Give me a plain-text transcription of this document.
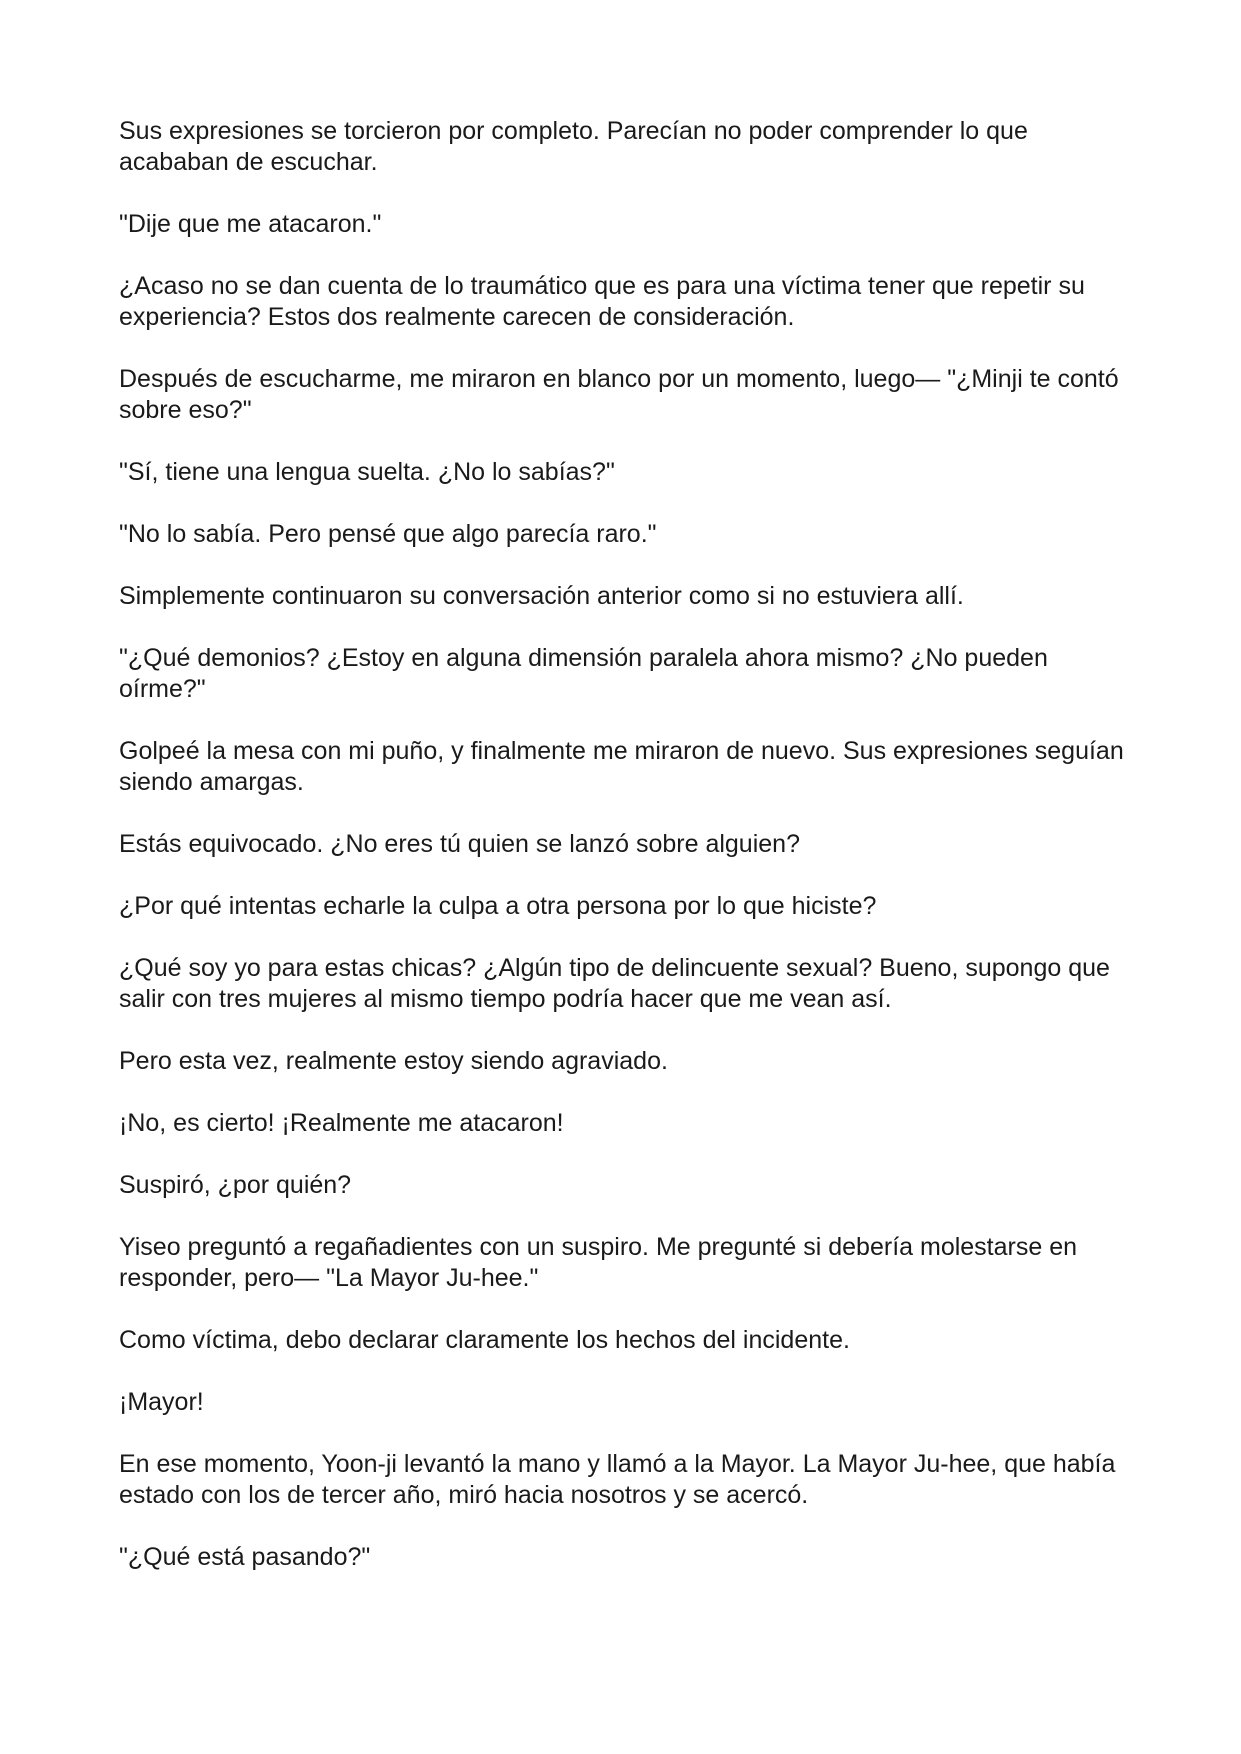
Sus expresiones se torcieron por completo. Parecían no poder comprender lo que acababan de escuchar.

"Dije que me atacaron."

¿Acaso no se dan cuenta de lo traumático que es para una víctima tener que repetir su experiencia? Estos dos realmente carecen de consideración.

Después de escucharme, me miraron en blanco por un momento, luego— "¿Minji te contó sobre eso?"

"Sí, tiene una lengua suelta. ¿No lo sabías?"

"No lo sabía. Pero pensé que algo parecía raro."

Simplemente continuaron su conversación anterior como si no estuviera allí.

"¿Qué demonios? ¿Estoy en alguna dimensión paralela ahora mismo? ¿No pueden oírme?"

Golpeé la mesa con mi puño, y finalmente me miraron de nuevo. Sus expresiones seguían siendo amargas.

Estás equivocado. ¿No eres tú quien se lanzó sobre alguien?

¿Por qué intentas echarle la culpa a otra persona por lo que hiciste?

¿Qué soy yo para estas chicas? ¿Algún tipo de delincuente sexual? Bueno, supongo que salir con tres mujeres al mismo tiempo podría hacer que me vean así.

Pero esta vez, realmente estoy siendo agraviado.

¡No, es cierto! ¡Realmente me atacaron!

Suspiró, ¿por quién?

Yiseo preguntó a regañadientes con un suspiro. Me pregunté si debería molestarse en responder, pero— "La Mayor Ju-hee."

Como víctima, debo declarar claramente los hechos del incidente.

¡Mayor!

En ese momento, Yoon-ji levantó la mano y llamó a la Mayor. La Mayor Ju-hee, que había estado con los de tercer año, miró hacia nosotros y se acercó.

"¿Qué está pasando?"
